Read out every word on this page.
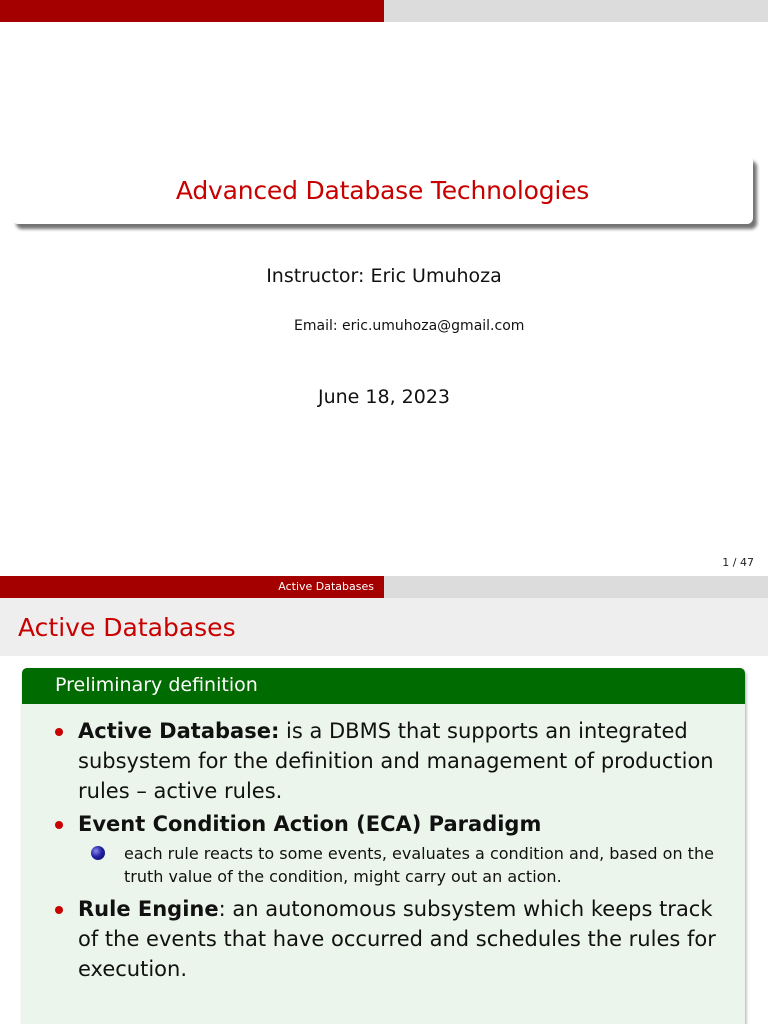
Advanced Database Technologies
Instructor: Eric Umuhoza
Email: eric.umuhoza@gmail.com
June 18, 2023
1 / 47
Active Databases
Active Databases
Preliminary definition
Active Database: is a DBMS that supports an integrated subsystem for the definition and management of production rules – active rules.
Event Condition Action (ECA) Paradigm
each rule reacts to some events, evaluates a condition and, based on the truth value of the condition, might carry out an action.
Rule Engine: an autonomous subsystem which keeps track of the events that have occurred and schedules the rules for execution.
